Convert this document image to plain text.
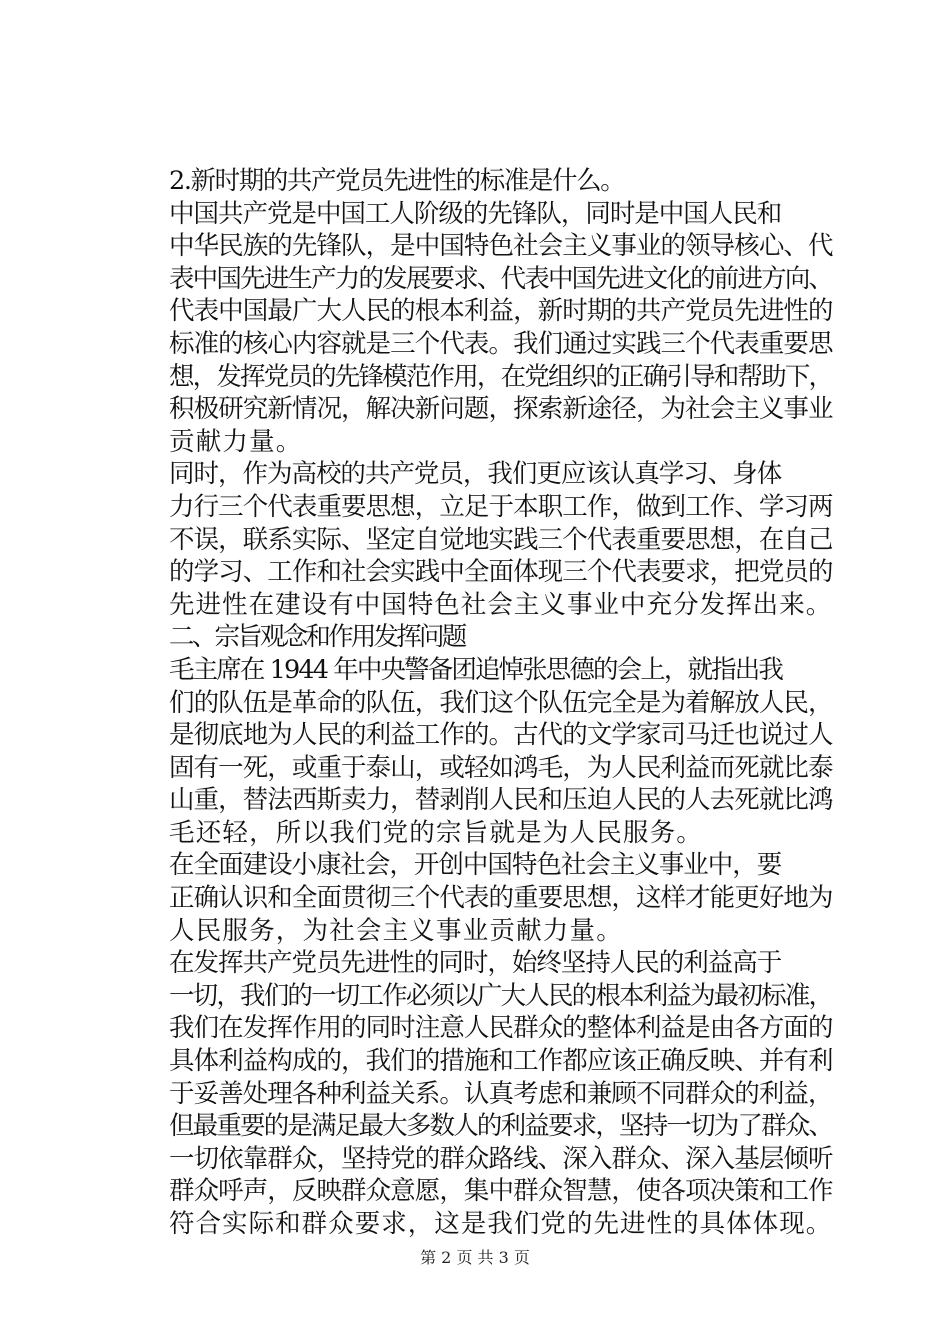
2.新时期的共产党员先进性的标准是什么。

中国共产党是中国工人阶级的先锋队，同时是中国人民和
中华民族的先锋队，是中国特色社会主义事业的领导核心、代
表中国先进生产力的发展要求、代表中国先进文化的前进方向、
代表中国最广大人民的根本利益，新时期的共产党员先进性的
标准的核心内容就是三个代表。我们通过实践三个代表重要思
想，发挥党员的先锋模范作用，在党组织的正确引导和帮助下，
积极研究新情况，解决新问题，探索新途径，为社会主义事业
贡献力量。

同时，作为高校的共产党员，我们更应该认真学习、身体
力行三个代表重要思想，立足于本职工作，做到工作、学习两
不误，联系实际、坚定自觉地实践三个代表重要思想，在自己
的学习、工作和社会实践中全面体现三个代表要求，把党员的
先进性在建设有中国特色社会主义事业中充分发挥出来。

二、宗旨观念和作用发挥问题

毛主席在 1944 年中央警备团追悼张思德的会上，就指出我
们的队伍是革命的队伍，我们这个队伍完全是为着解放人民，
是彻底地为人民的利益工作的。古代的文学家司马迁也说过人
固有一死，或重于泰山，或轻如鸿毛，为人民利益而死就比泰
山重，替法西斯卖力，替剥削人民和压迫人民的人去死就比鸿
毛还轻，所以我们党的宗旨就是为人民服务。

在全面建设小康社会，开创中国特色社会主义事业中，要
正确认识和全面贯彻三个代表的重要思想，这样才能更好地为
人民服务，为社会主义事业贡献力量。

在发挥共产党员先进性的同时，始终坚持人民的利益高于
一切，我们的一切工作必须以广大人民的根本利益为最初标准，
我们在发挥作用的同时注意人民群众的整体利益是由各方面的
具体利益构成的，我们的措施和工作都应该正确反映、并有利
于妥善处理各种利益关系。认真考虑和兼顾不同群众的利益，
但最重要的是满足最大多数人的利益要求，坚持一切为了群众、
一切依靠群众，坚持党的群众路线、深入群众、深入基层倾听
群众呼声，反映群众意愿，集中群众智慧，使各项决策和工作
符合实际和群众要求，这是我们党的先进性的具体体现。

第 2 页 共 3 页
